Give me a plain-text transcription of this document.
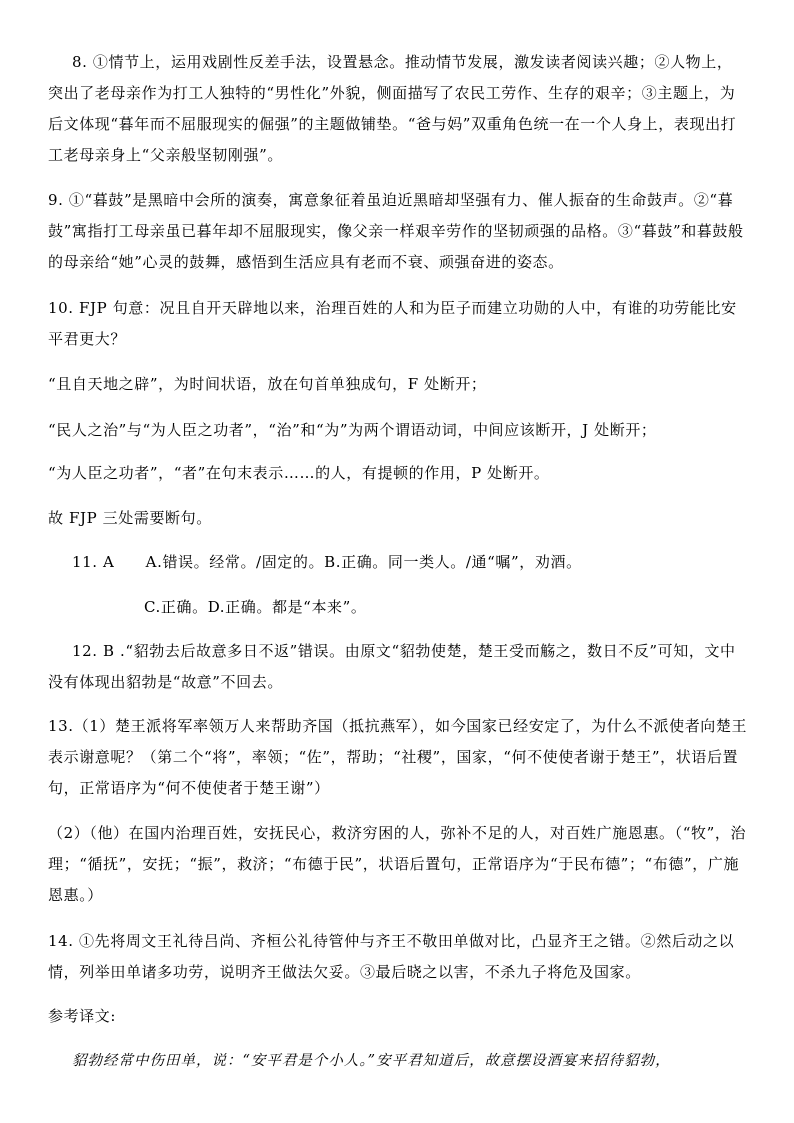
8. ①情节上，运用戏剧性反差手法，设置悬念。推动情节发展，激发读者阅读兴趣；②人物上，突出了老母亲作为打工人独特的“男性化”外貌，侧面描写了农民工劳作、生存的艰辛；③主题上，为后文体现“暮年而不屈服现实的倔强”的主题做铺垫。“爸与妈”双重角色统一在一个人身上，表现出打工老母亲身上“父亲般坚韧刚强”。

9. ①“暮鼓”是黑暗中会所的演奏，寓意象征着虽迫近黑暗却坚强有力、催人振奋的生命鼓声。②“暮鼓”寓指打工母亲虽已暮年却不屈服现实，像父亲一样艰辛劳作的坚韧顽强的品格。③“暮鼓”和暮鼓般的母亲给“她”心灵的鼓舞，感悟到生活应具有老而不衰、顽强奋进的姿态。

10. FJP 句意：况且自开天辟地以来，治理百姓的人和为臣子而建立功勋的人中，有谁的功劳能比安平君更大？

“且自天地之辟”，为时间状语，放在句首单独成句，F 处断开；

“民人之治”与“为人臣之功者”，“治”和“为”为两个谓语动词，中间应该断开，J 处断开；

“为人臣之功者”，“者”在句末表示……的人，有提顿的作用，P 处断开。

故 FJP 三处需要断句。

11. A　　A.错误。经常。/固定的。B.正确。同一类人。/通“嘱”，劝酒。

C.正确。D.正确。都是“本来”。

12. B .“貂勃去后故意多日不返”错误。由原文“貂勃使楚，楚王受而觞之，数日不反”可知，文中没有体现出貂勃是“故意”不回去。

13.（1）楚王派将军率领万人来帮助齐国（抵抗燕军），如今国家已经安定了，为什么不派使者向楚王表示谢意呢？（第二个“将”，率领；“佐”，帮助；“社稷”，国家，“何不使使者谢于楚王”，状语后置句，正常语序为“何不使使者于楚王谢”）

（2）（他）在国内治理百姓，安抚民心，救济穷困的人，弥补不足的人，对百姓广施恩惠。（“牧”，治理；“循抚”，安抚；“振”，救济；“布德于民”，状语后置句，正常语序为“于民布德”；“布德”，广施恩惠。）

14. ①先将周文王礼待吕尚、齐桓公礼待管仲与齐王不敬田单做对比，凸显齐王之错。②然后动之以情，列举田单诸多功劳，说明齐王做法欠妥。③最后晓之以害，不杀九子将危及国家。

参考译文:

貂勃经常中伤田单，说：“安平君是个小人。”安平君知道后，故意摆设酒宴来招待貂勃，
